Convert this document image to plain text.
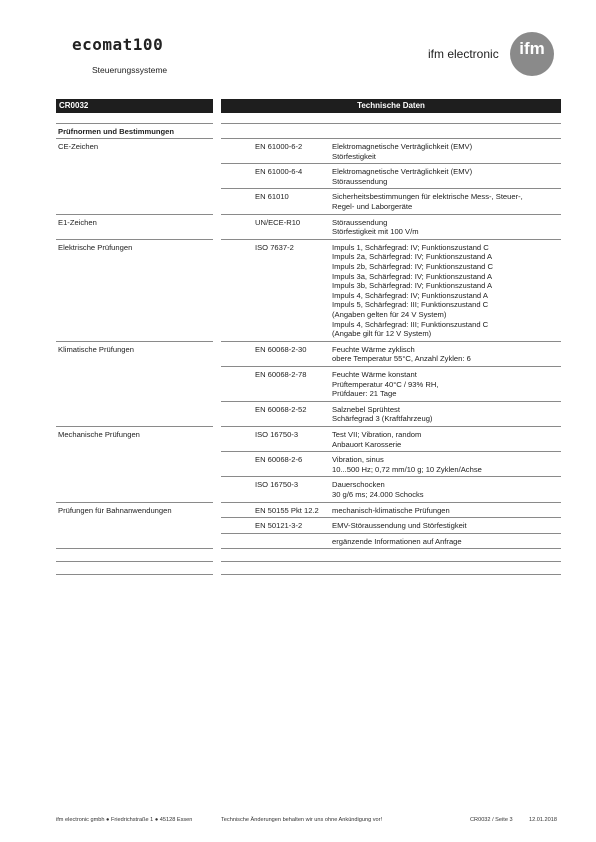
ecomat100
Steuerungssysteme
ifm electronic	ifm
CR0032	Technische Daten
Prüfnormen und Bestimmungen
CE-Zeichen	EN 61000-6-2	Elektromagnetische Verträglichkeit (EMV)
Störfestigkeit
EN 61000-6-4	Elektromagnetische Verträglichkeit (EMV)
Störaussendung
EN 61010	Sicherheitsbestimmungen für elektrische Mess-, Steuer-,
Regel- und Laborgeräte
E1-Zeichen	UN/ECE-R10	Störaussendung
Störfestigkeit mit 100 V/m
Elektrische Prüfungen	ISO 7637-2	Impuls 1, Schärfegrad: IV; Funktionszustand C
Impuls 2a, Schärfegrad: IV; Funktionszustand A
Impuls 2b, Schärfegrad: IV; Funktionszustand C
Impuls 3a, Schärfegrad: IV; Funktionszustand A
Impuls 3b, Schärfegrad: IV; Funktionszustand A
Impuls 4, Schärfegrad: IV; Funktionszustand A
Impuls 5, Schärfegrad: III; Funktionszustand C
(Angaben gelten für 24 V System)
Impuls 4, Schärfegrad: III; Funktionszustand C
(Angabe gilt für 12 V System)
Klimatische Prüfungen	EN 60068-2-30	Feuchte Wärme zyklisch
obere Temperatur 55°C, Anzahl Zyklen: 6
EN 60068-2-78	Feuchte Wärme konstant
Prüftemperatur 40°C / 93% RH,
Prüfdauer: 21 Tage
EN 60068-2-52	Salznebel Sprühtest
Schärfegrad 3 (Kraftfahrzeug)
Mechanische Prüfungen	ISO 16750-3	Test VII; Vibration, random
Anbauort Karosserie
EN 60068-2-6	Vibration, sinus
10...500 Hz; 0,72 mm/10 g; 10 Zyklen/Achse
ISO 16750-3	Dauerschocken
30 g/6 ms; 24.000 Schocks
Prüfungen für Bahnanwendungen	EN 50155 Pkt 12.2 mechanisch-klimatische Prüfungen
EN 50121-3-2	EMV-Störaussendung und Störfestigkeit
ergänzende Informationen auf Anfrage
ifm electronic gmbh ● Friedrichstraße 1 ● 45128 Essen	Technische Änderungen behalten wir uns ohne Ankündigung vor!	CR0032 / Seite 3	12.01.2018
